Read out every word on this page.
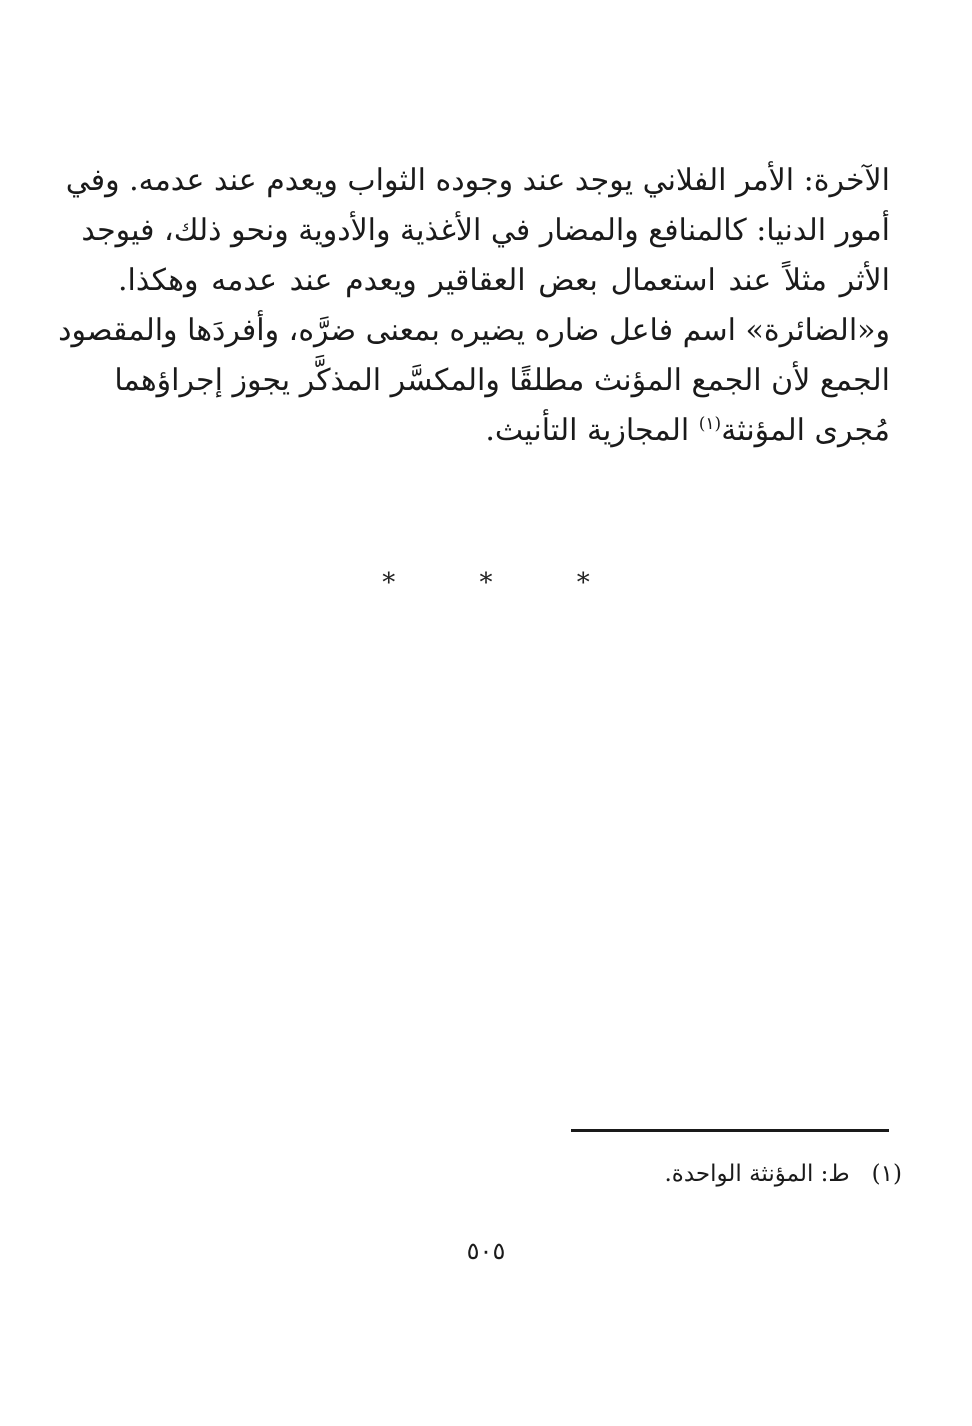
الآخرة: الأمر الفلاني يوجد عند وجوده الثواب ويعدم عند عدمه. وفي
أمور الدنيا: كالمنافع والمضار في الأغذية والأدوية ونحو ذلك، فيوجد
الأثر مثلاً عند استعمال بعض العقاقير ويعدم عند عدمه وهكذا.
و«الضائرة» اسم فاعل ضاره يضيره بمعنى ضرَّه، وأفردَها والمقصود
الجمع لأن الجمع المؤنث مطلقًا والمكسَّر المذكَّر يجوز إجراؤهما
مُجرى المؤنثة$^{(١)}$ المجازية التأنيث.
* * *
(١)ط: المؤنثة الواحدة.
٥٠٥
